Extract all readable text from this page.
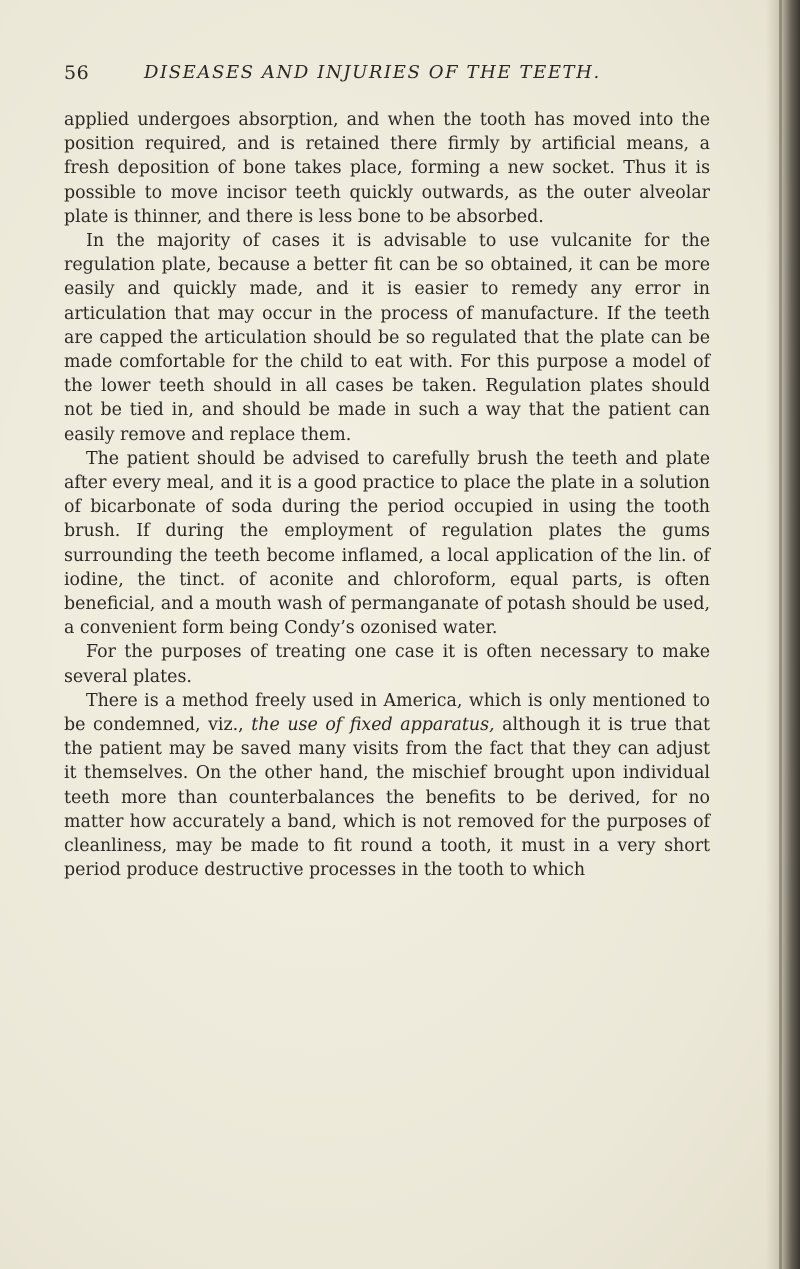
56	DISEASES AND INJURIES OF THE TEETH.

applied undergoes absorption, and when the tooth has moved into the position required, and is retained there firmly by artificial means, a fresh deposition of bone takes place, forming a new socket. Thus it is possible to move incisor teeth quickly outwards, as the outer alveolar plate is thinner, and there is less bone to be absorbed.

In the majority of cases it is advisable to use vulcanite for the regulation plate, because a better fit can be so obtained, it can be more easily and quickly made, and it is easier to remedy any error in articulation that may occur in the process of manufacture. If the teeth are capped the articulation should be so regulated that the plate can be made comfortable for the child to eat with. For this purpose a model of the lower teeth should in all cases be taken. Regulation plates should not be tied in, and should be made in such a way that the patient can easily remove and replace them.

The patient should be advised to carefully brush the teeth and plate after every meal, and it is a good practice to place the plate in a solution of bicarbonate of soda during the period occupied in using the tooth brush. If during the employment of regulation plates the gums surrounding the teeth become inflamed, a local application of the lin. of iodine, the tinct. of aconite and chloroform, equal parts, is often beneficial, and a mouth wash of permanganate of potash should be used, a convenient form being Condy’s ozonised water.

For the purposes of treating one case it is often necessary to make several plates.

There is a method freely used in America, which is only mentioned to be condemned, viz., the use of fixed apparatus, although it is true that the patient may be saved many visits from the fact that they can adjust it themselves. On the other hand, the mischief brought upon individual teeth more than counterbalances the benefits to be derived, for no matter how accurately a band, which is not removed for the purposes of cleanliness, may be made to fit round a tooth, it must in a very short period produce destructive processes in the tooth to which
